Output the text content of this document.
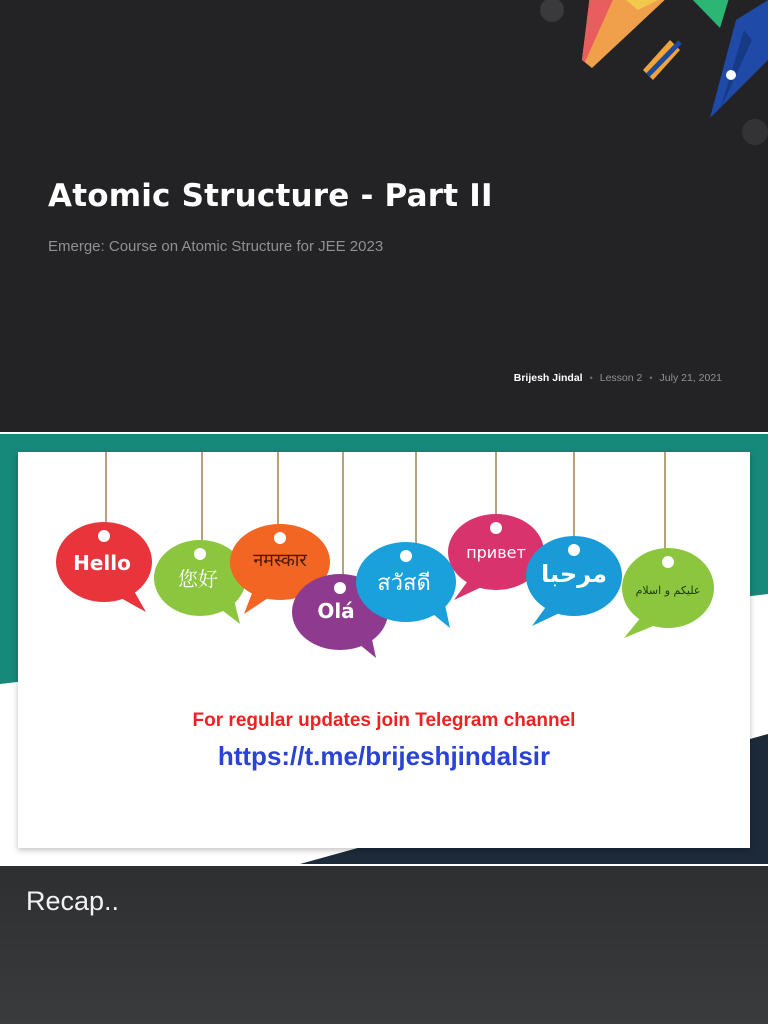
Atomic Structure - Part II
Emerge: Course on Atomic Structure for JEE 2023
Brijesh Jindal • Lesson 2 • July 21, 2021
Hello
您好
नमस्कार
Olá
สวัสดี
привет
مرحبا
عليكم و اسلام
For regular updates join Telegram channel
https://t.me/brijeshjindalsir
Recap..
